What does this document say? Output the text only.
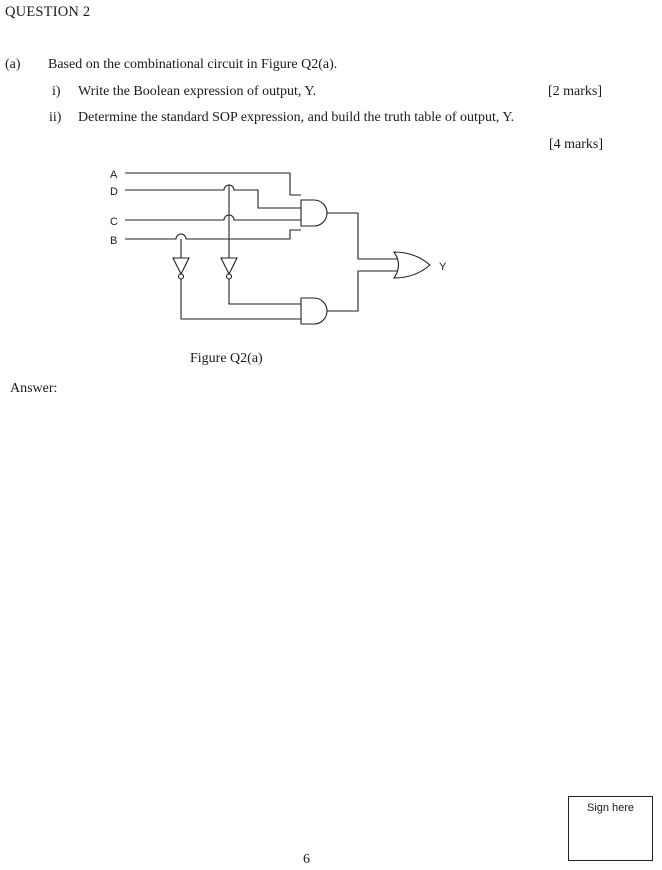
QUESTION 2
(a) Based on the combinational circuit in Figure Q2(a).
i) Write the Boolean expression of output, Y.	[2 marks]
ii) Determine the standard SOP expression, and build the truth table of output, Y.
[4 marks]
A
D
C
B
Y
Figure Q2(a)
Answer:
Sign here
6
